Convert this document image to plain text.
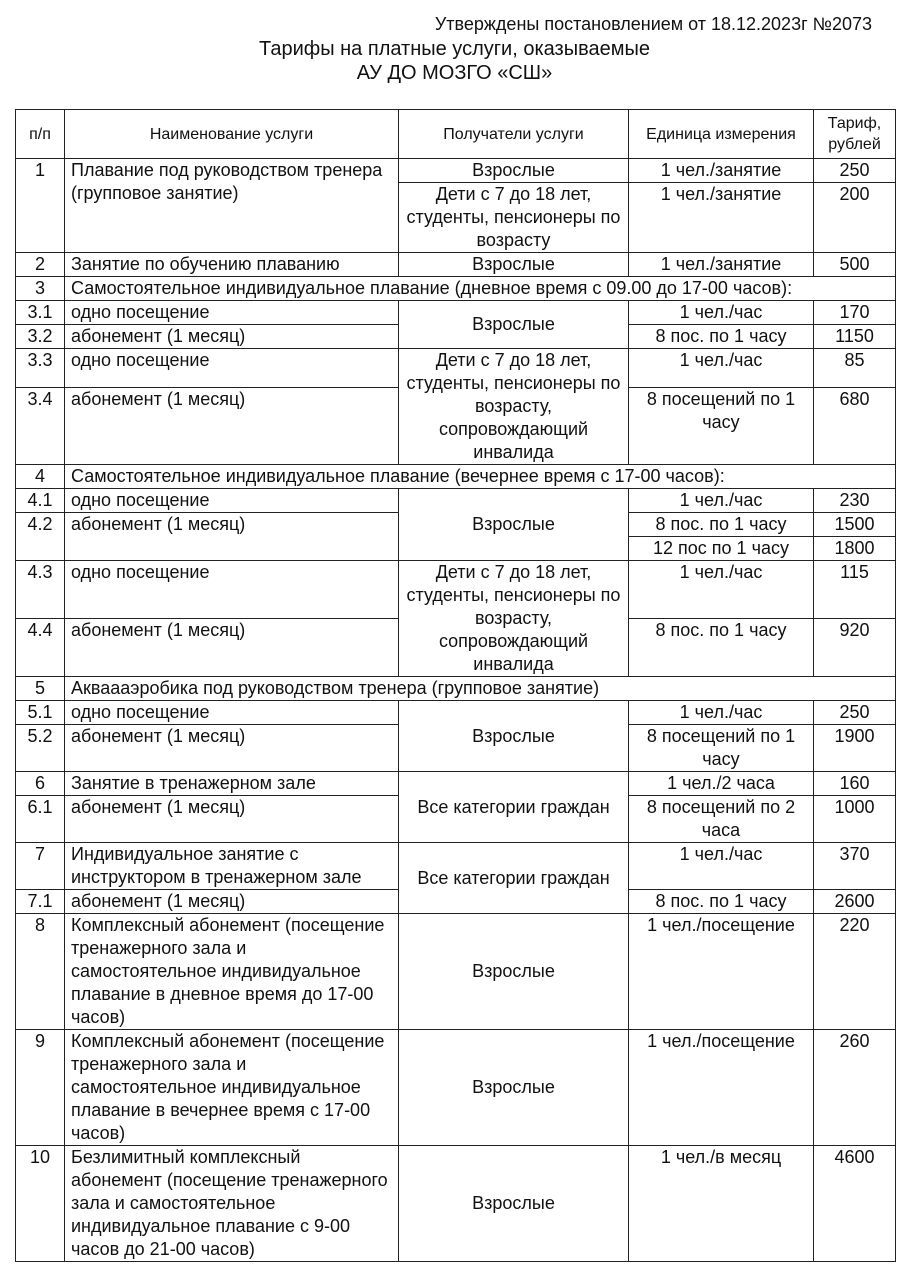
Утверждены постановлением от 18.12.2023г №2073
Тарифы на платные услуги, оказываемые
АУ ДО МОЗГО «СШ»
п/п	Наименование услуги	Получатели услуги	Единица измерения	Тариф, рублей
1	Плавание под руководством тренера (групповое занятие)	Взрослые	1 чел./занятие	250
		Дети с 7 до 18 лет, студенты, пенсионеры по возрасту	1 чел./занятие	200
2	Занятие по обучению плаванию	Взрослые	1 чел./занятие	500
3	Самостоятельное индивидуальное плавание (дневное время с 09.00 до 17-00 часов):			
3.1	одно посещение	Взрослые	1 чел./час	170
3.2	абонемент (1 месяц)		8 пос. по 1 часу	1150
3.3	одно посещение	Дети с 7 до 18 лет, студенты, пенсионеры по возрасту, сопровождающий инвалида	1 чел./час	85
3.4	абонемент (1 месяц)		8 посещений по 1 часу	680
4	Самостоятельное индивидуальное плавание (вечернее время с 17-00 часов):			
4.1	одно посещение	Взрослые	1 чел./час	230
4.2	абонемент (1 месяц)		8 пос. по 1 часу	1500
			12 пос по 1 часу	1800
4.3	одно посещение	Дети с 7 до 18 лет, студенты, пенсионеры по возрасту, сопровождающий инвалида	1 чел./час	115
4.4	абонемент (1 месяц)		8 пос. по 1 часу	920
5	Акваааэробика под руководством тренера (групповое занятие)			
5.1	одно посещение	Взрослые	1 чел./час	250
5.2	абонемент (1 месяц)		8 посещений по 1 часу	1900
6	Занятие в тренажерном зале	Все категории граждан	1 чел./2 часа	160
6.1	абонемент (1 месяц)		8 посещений по 2 часа	1000
7	Индивидуальное занятие с инструктором в тренажерном зале	Все категории граждан	1 чел./час	370
7.1	абонемент (1 месяц)		8 пос. по 1 часу	2600
8	Комплексный абонемент (посещение тренажерного зала и самостоятельное индивидуальное плавание в дневное время до 17-00 часов)	Взрослые	1 чел./посещение	220
9	Комплексный абонемент (посещение тренажерного зала и самостоятельное индивидуальное плавание в вечернее время с 17-00 часов)	Взрослые	1 чел./посещение	260
10	Безлимитный комплексный абонемент (посещение тренажерного зала и самостоятельное индивидуальное плавание с 9-00 часов до 21-00 часов)	Взрослые	1 чел./в месяц	4600
